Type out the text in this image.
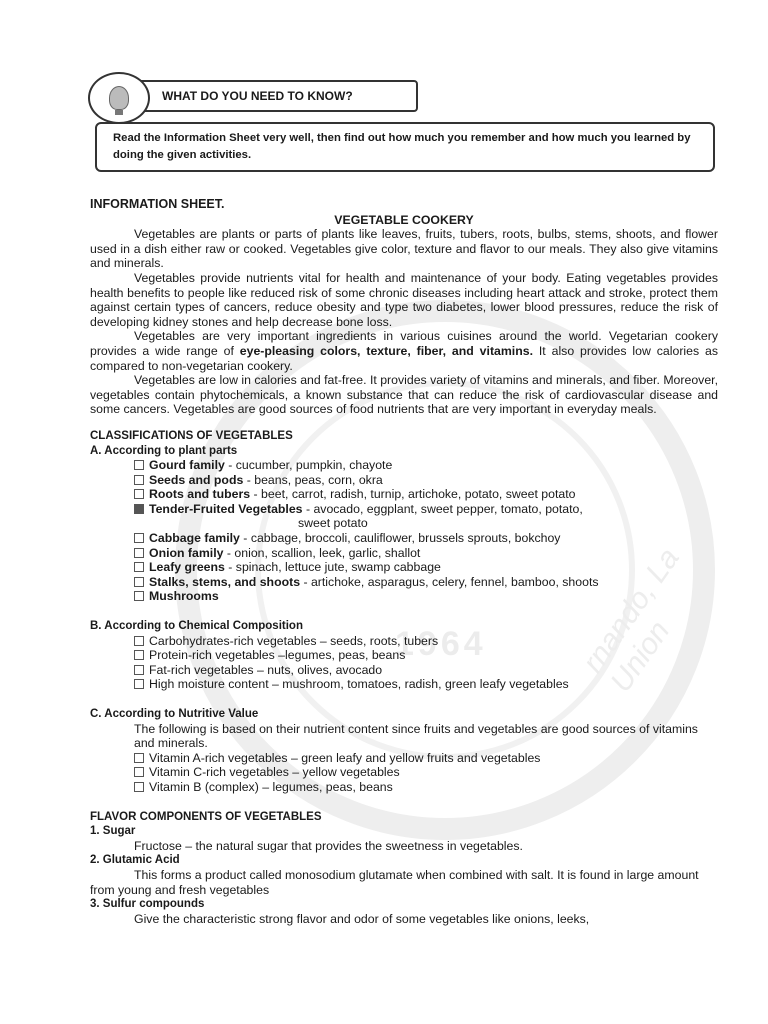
1964	rnando, La Union
WHAT DO YOU NEED TO KNOW?
Read the Information Sheet very well, then find out how much you remember and how much you learned by doing the given activities.
INFORMATION SHEET.
VEGETABLE COOKERY

Vegetables are plants or parts of plants like leaves, fruits, tubers, roots, bulbs, stems, shoots, and flower used in a dish either raw or cooked. Vegetables give color, texture and flavor to our meals. They also give vitamins and minerals.

Vegetables provide nutrients vital for health and maintenance of your body. Eating vegetables provides health benefits to people like reduced risk of some chronic diseases including heart attack and stroke, protect them against certain types of cancers, reduce obesity and type two diabetes, lower blood pressures, reduce the risk of developing kidney stones and help decrease bone loss.

Vegetables are very important ingredients in various cuisines around the world. Vegetarian cookery provides a wide range of eye-pleasing colors, texture, fiber, and vitamins. It also provides low calories as compared to non-vegetarian cookery.

Vegetables are low in calories and fat-free. It provides variety of vitamins and minerals, and fiber. Moreover, vegetables contain phytochemicals, a known substance that can reduce the risk of cardiovascular disease and some cancers. Vegetables are good sources of food nutrients that are very important in everyday meals.

CLASSIFICATIONS OF VEGETABLES
A. According to plant parts
Gourd family - cucumber, pumpkin, chayote
Seeds and pods - beans, peas, corn, okra
Roots and tubers - beet, carrot, radish, turnip, artichoke, potato, sweet potato
Tender-Fruited Vegetables - avocado, eggplant, sweet pepper, tomato, potato,
sweet potato
Cabbage family - cabbage, broccoli, cauliflower, brussels sprouts, bokchoy
Onion family - onion, scallion, leek, garlic, shallot
Leafy greens - spinach, lettuce jute, swamp cabbage
Stalks, stems, and shoots - artichoke, asparagus, celery, fennel, bamboo, shoots
Mushrooms
B. According to Chemical Composition
Carbohydrates-rich vegetables – seeds, roots, tubers
Protein-rich vegetables –legumes, peas, beans
Fat-rich vegetables – nuts, olives, avocado
High moisture content – mushroom, tomatoes, radish, green leafy vegetables
C. According to Nutritive Value
The following is based on their nutrient content since fruits and vegetables are good sources of vitamins and minerals.
Vitamin A-rich vegetables – green leafy and yellow fruits and vegetables
Vitamin C-rich vegetables – yellow vegetables
Vitamin B (complex) – legumes, peas, beans
FLAVOR COMPONENTS OF VEGETABLES
1. Sugar
Fructose – the natural sugar that provides the sweetness in vegetables.
2. Glutamic Acid
This forms a product called monosodium glutamate when combined with salt. It is found in large amount from young and fresh vegetables
3. Sulfur compounds
Give the characteristic strong flavor and odor of some vegetables like onions, leeks,
